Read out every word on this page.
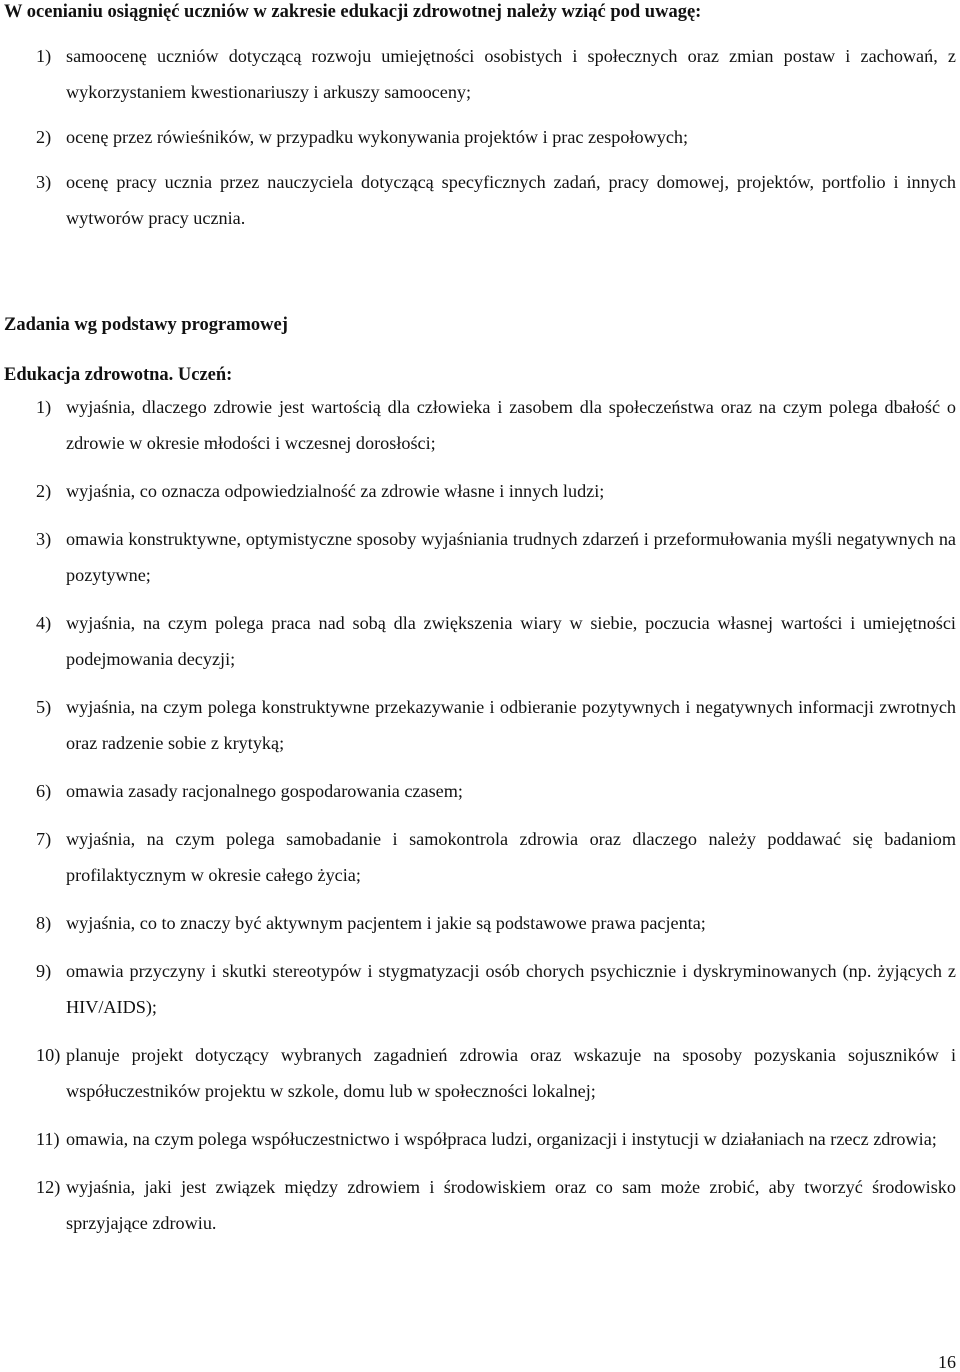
W ocenianiu osiągnięć uczniów w zakresie edukacji zdrowotnej należy wziąć pod uwagę:
1) samoocenę uczniów dotyczącą rozwoju umiejętności osobistych i społecznych oraz zmian postaw i zachowań, z wykorzystaniem kwestionariuszy i arkuszy samooceny;
2) ocenę przez rówieśników, w przypadku wykonywania projektów i prac zespołowych;
3) ocenę pracy ucznia przez nauczyciela dotyczącą specyficznych zadań, pracy domowej, projektów, portfolio i innych wytworów pracy ucznia.
Zadania wg podstawy programowej
Edukacja zdrowotna. Uczeń:
1) wyjaśnia, dlaczego zdrowie jest wartością dla człowieka i zasobem dla społeczeństwa oraz na czym polega dbałość o zdrowie w okresie młodości i wczesnej dorosłości;
2) wyjaśnia, co oznacza odpowiedzialność za zdrowie własne i innych ludzi;
3) omawia konstruktywne, optymistyczne sposoby wyjaśniania trudnych zdarzeń i przeformułowania myśli negatywnych na pozytywne;
4) wyjaśnia, na czym polega praca nad sobą dla zwiększenia wiary w siebie, poczucia własnej wartości i umiejętności podejmowania decyzji;
5) wyjaśnia, na czym polega konstruktywne przekazywanie i odbieranie pozytywnych i negatywnych informacji zwrotnych oraz radzenie sobie z krytyką;
6) omawia zasady racjonalnego gospodarowania czasem;
7) wyjaśnia, na czym polega samobadanie i samokontrola zdrowia oraz dlaczego należy poddawać się badaniom profilaktycznym w okresie całego życia;
8) wyjaśnia, co to znaczy być aktywnym pacjentem i jakie są podstawowe prawa pacjenta;
9) omawia przyczyny i skutki stereotypów i stygmatyzacji osób chorych psychicznie i dyskryminowanych (np. żyjących z HIV/AIDS);
10) planuje projekt dotyczący wybranych zagadnień zdrowia oraz wskazuje na sposoby pozyskania sojuszników i współuczestników projektu w szkole, domu lub w społeczności lokalnej;
11) omawia, na czym polega współuczestnictwo i współpraca ludzi, organizacji i instytucji w działaniach na rzecz zdrowia;
12) wyjaśnia, jaki jest związek między zdrowiem i środowiskiem oraz co sam może zrobić, aby tworzyć środowisko sprzyjające zdrowiu.
16
